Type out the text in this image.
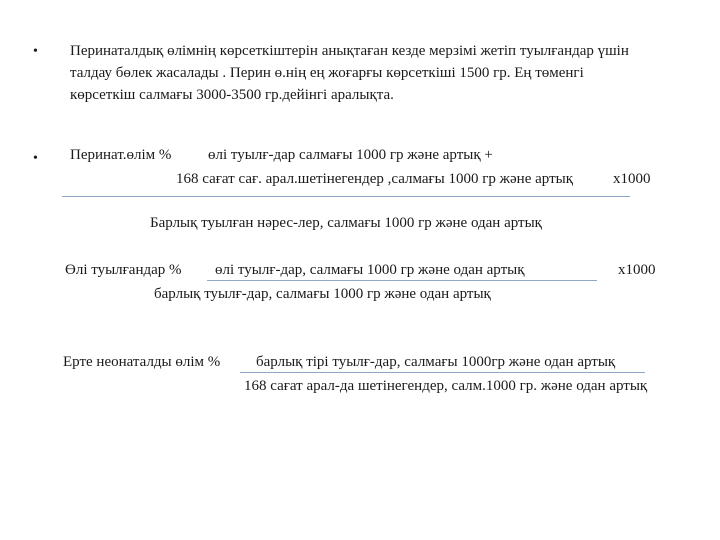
• Перинаталдық өлімнің көрсеткіштерін анықтаған кезде мерзімі жетіп туылғандар үшін
талдау бөлек жасалады . Перин ө.нің ең жоғарғы көрсеткіші 1500 гр. Ең төменгі
көрсеткіш салмағы 3000-3500 гр.дейінгі аралықта.
• Перинат.өлім % өлі туылғ-дар салмағы 1000 гр және артық +
168 сағат сағ. арал.шетінегендер ,салмағы 1000 гр және артық	х1000
Барлық туылған нәрес-лер, салмағы 1000 гр және одан артық
Өлі туылғандар % өлі туылғ-дар, салмағы 1000 гр және одан артық	х1000
барлық туылғ-дар, салмағы 1000 гр және одан артық
Ерте неонаталды өлім % барлық тірі туылғ-дар, салмағы 1000гр және одан артық
168 сағат арал-да шетінегендер, салм.1000 гр. және одан артық
